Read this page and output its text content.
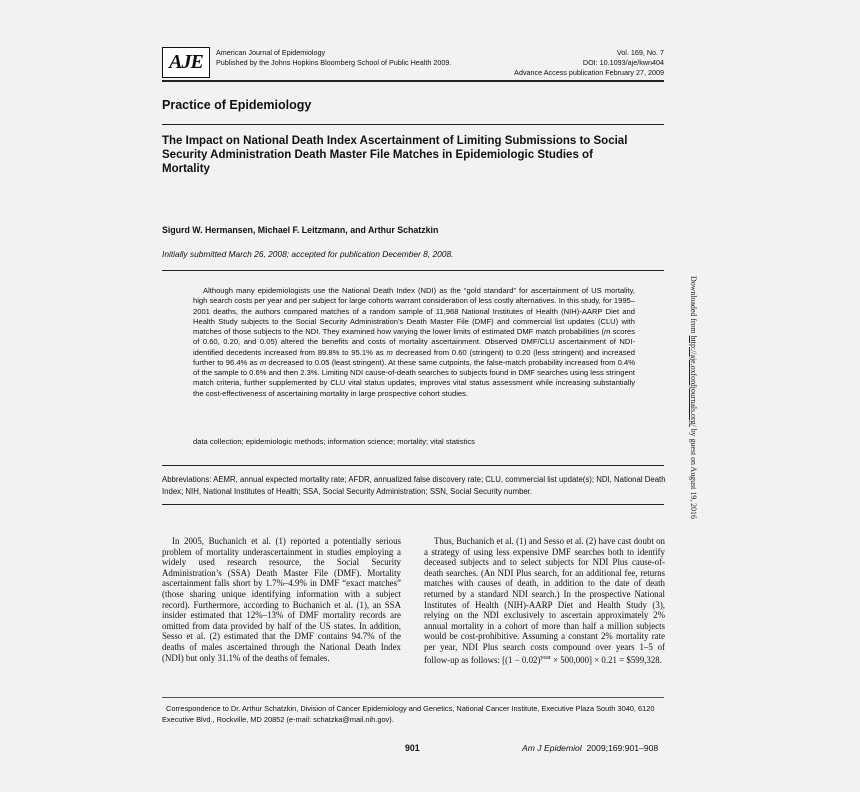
AJE American Journal of Epidemiology
Published by the Johns Hopkins Bloomberg School of Public Health 2009.
Vol. 169, No. 7
DOI: 10.1093/aje/kwn404
Advance Access publication February 27, 2009
Practice of Epidemiology
The Impact on National Death Index Ascertainment of Limiting Submissions to Social Security Administration Death Master File Matches in Epidemiologic Studies of Mortality
Sigurd W. Hermansen, Michael F. Leitzmann, and Arthur Schatzkin
Initially submitted March 26, 2008; accepted for publication December 8, 2008.
Although many epidemiologists use the National Death Index (NDI) as the “gold standard” for ascertainment of US mortality, high search costs per year and per subject for large cohorts warrant consideration of less costly alternatives. In this study, for 1995–2001 deaths, the authors compared matches of a random sample of 11,968 National Institutes of Health (NIH)-AARP Diet and Health Study subjects to the Social Security Administration’s Death Master File (DMF) and commercial list updates (CLU) with matches of those subjects to the NDI. They examined how varying the lower limits of estimated DMF match probabilities (m scores of 0.60, 0.20, and 0.05) altered the benefits and costs of mortality ascertainment. Observed DMF/CLU ascertainment of NDI-identified decedents increased from 89.8% to 95.1% as m decreased from 0.60 (stringent) to 0.20 (less stringent) and increased further to 96.4% as m decreased to 0.05 (least stringent). At these same cutpoints, the false-match probability increased from 0.4% of the sample to 0.6% and then 2.3%. Limiting NDI cause-of-death searches to subjects found in DMF searches using less stringent match criteria, further supplemented by CLU vital status updates, improves vital status assessment while increasing substantially the cost-effectiveness of ascertaining mortality in large prospective cohort studies.
data collection; epidemiologic methods; information science; mortality; vital statistics
Abbreviations: AEMR, annual expected mortality rate; AFDR, annualized false discovery rate; CLU, commercial list update(s); NDI, National Death Index; NIH, National Institutes of Health; SSA, Social Security Administration; SSN, Social Security number.
In 2005, Buchanich et al. (1) reported a potentially serious problem of mortality underascertainment in studies employing a widely used research resource, the Social Security Administration’s (SSA) Death Master File (DMF). Mortality ascertainment falls short by 1.7%–4.9% in DMF “exact matches” (those sharing unique identifying information with a subject record). Furthermore, according to Buchanich et al. (1), an SSA insider estimated that 12%–13% of DMF mortality records are omitted from data provided by half of the US states. In addition, Sesso et al. (2) estimated that the DMF contains 94.7% of the deaths of males ascertained through the National Death Index (NDI) but only 31.1% of the deaths of females.
Thus, Buchanich et al. (1) and Sesso et al. (2) have cast doubt on a strategy of using less expensive DMF searches both to identify deceased subjects and to select subjects for NDI Plus cause-of-death searches. (An NDI Plus search, for an additional fee, returns matches with causes of death, in addition to the date of death returned by a standard NDI search.) In the prospective National Institutes of Health (NIH)-AARP Diet and Health Study (3), relying on the NDI exclusively to ascertain approximately 2% annual mortality in a cohort of more than half a million subjects would be cost-prohibitive. Assuming a constant 2% mortality rate per year, NDI Plus search costs compound over years 1–5 of follow-up as follows: $[(1 - 0.02)^{year} \times 500,000] \times 0.21$ = $599,328.
Correspondence to Dr. Arthur Schatzkin, Division of Cancer Epidemiology and Genetics, National Cancer Institute, Executive Plaza South 3040, 6120 Executive Blvd., Rockville, MD 20852 (e-mail: schatzka@mail.nih.gov).
901	Am J Epidemiol 2009;169:901–908
Downloaded from http://aje.oxfordjournals.org/ by guest on August 19, 2016
